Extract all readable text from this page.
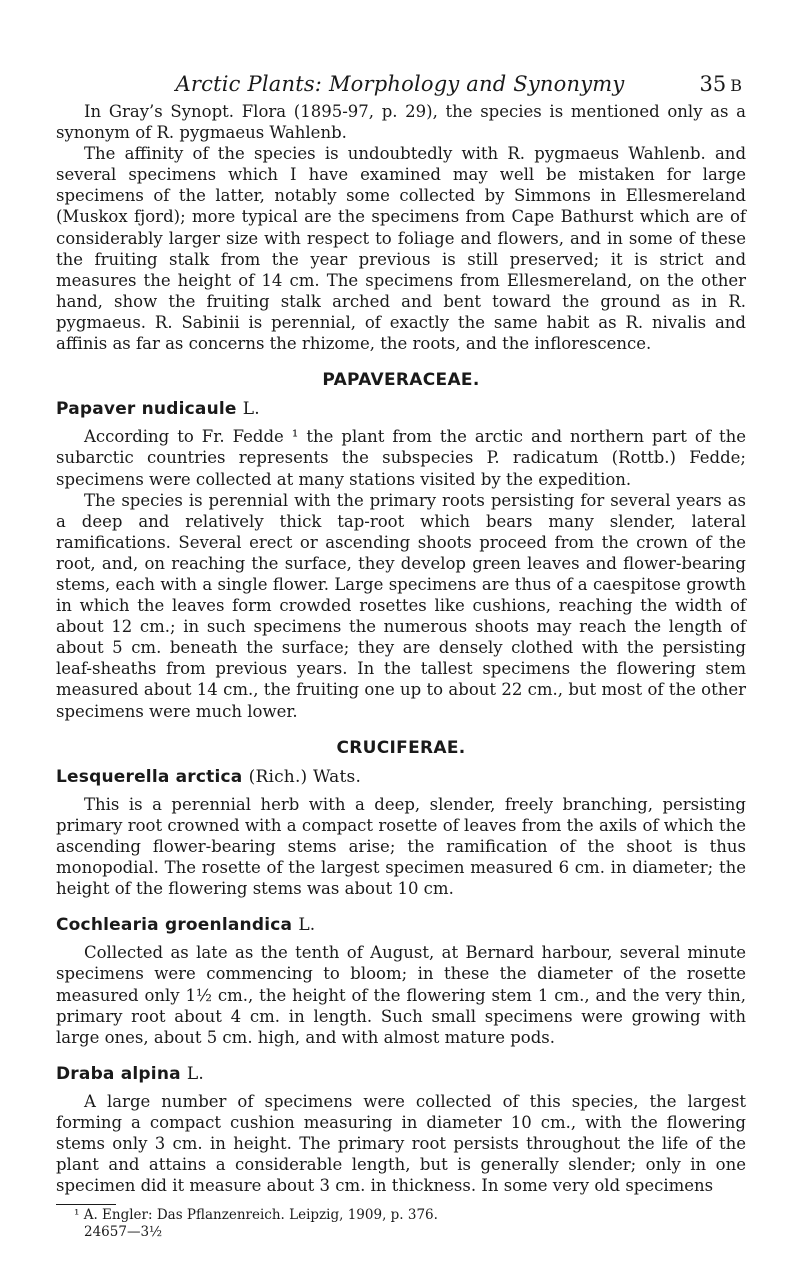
Arctic Plants: Morphology and Synonymy	35 B

In Gray’s Synopt. Flora (1895-97, p. 29), the species is mentioned only as a synonym of R. pygmaeus Wahlenb.

The affinity of the species is undoubtedly with R. pygmaeus Wahlenb. and several specimens which I have examined may well be mistaken for large specimens of the latter, notably some collected by Simmons in Ellesmereland (Muskox fjord); more typical are the specimens from Cape Bathurst which are of considerably larger size with respect to foliage and flowers, and in some of these the fruiting stalk from the year previous is still preserved; it is strict and measures the height of 14 cm. The specimens from Ellesmereland, on the other hand, show the fruiting stalk arched and bent toward the ground as in R. pygmaeus. R. Sabinii is perennial, of exactly the same habit as R. nivalis and affinis as far as concerns the rhizome, the roots, and the inflorescence.

PAPAVERACEAE.
Papaver nudicaule L.

According to Fr. Fedde ¹ the plant from the arctic and northern part of the subarctic countries represents the subspecies P. radicatum (Rottb.) Fedde; specimens were collected at many stations visited by the expedition.

The species is perennial with the primary roots persisting for several years as a deep and relatively thick tap-root which bears many slender, lateral ramifications. Several erect or ascending shoots proceed from the crown of the root, and, on reaching the surface, they develop green leaves and flower-bearing stems, each with a single flower. Large specimens are thus of a caespitose growth in which the leaves form crowded rosettes like cushions, reaching the width of about 12 cm.; in such specimens the numerous shoots may reach the length of about 5 cm. beneath the surface; they are densely clothed with the persisting leaf-sheaths from previous years. In the tallest specimens the flowering stem measured about 14 cm., the fruiting one up to about 22 cm., but most of the other specimens were much lower.

CRUCIFERAE.
Lesquerella arctica (Rich.) Wats.

This is a perennial herb with a deep, slender, freely branching, persisting primary root crowned with a compact rosette of leaves from the axils of which the ascending flower-bearing stems arise; the ramification of the shoot is thus monopodial. The rosette of the largest specimen measured 6 cm. in diameter; the height of the flowering stems was about 10 cm.

Cochlearia groenlandica L.

Collected as late as the tenth of August, at Bernard harbour, several minute specimens were commencing to bloom; in these the diameter of the rosette measured only 1½ cm., the height of the flowering stem 1 cm., and the very thin, primary root about 4 cm. in length. Such small specimens were growing with large ones, about 5 cm. high, and with almost mature pods.

Draba alpina L.

A large number of specimens were collected of this species, the largest forming a compact cushion measuring in diameter 10 cm., with the flowering stems only 3 cm. in height. The primary root persists throughout the life of the plant and attains a considerable length, but is generally slender; only in one specimen did it measure about 3 cm. in thickness. In some very old specimens

¹ A. Engler: Das Pflanzenreich. Leipzig, 1909, p. 376.

24657—3½
